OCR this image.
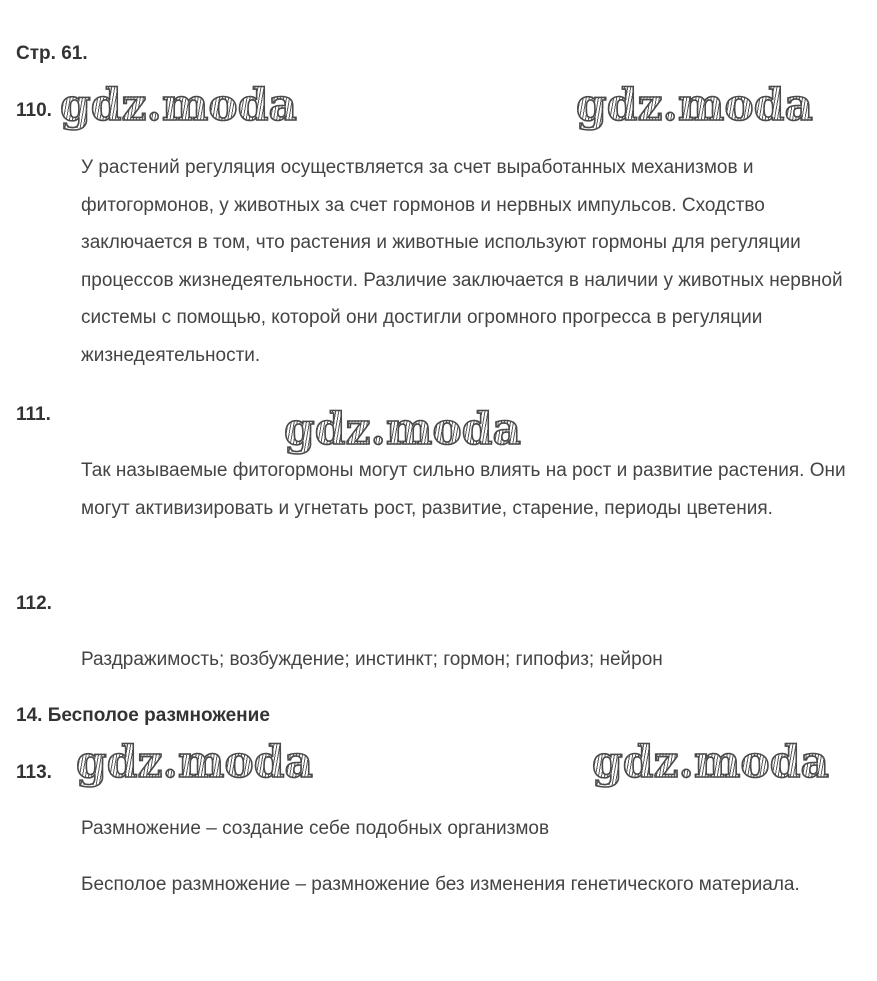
Стр. 61.
110. gdz.moda	gdz.moda
У растений регуляция осуществляется за счет выработанных механизмов и фитогормонов, у животных за счет гормонов и нервных импульсов. Сходство заключается в том, что растения и животные используют гормоны для регуляции процессов жизнедеятельности. Различие заключается в наличии у животных нервной системы с помощью, которой они достигли огромного прогресса в регуляции жизнедеятельности.
111.	gdz.moda
Так называемые фитогормоны могут сильно влиять на рост и развитие растения. Они могут активизировать и угнетать рост, развитие, старение, периоды цветения.
112.
Раздражимость; возбуждение; инстинкт; гормон; гипофиз; нейрон
14. Бесполое размножение
113. gdz.moda	gdz.moda
Размножение – создание себе подобных организмов
Бесполое размножение – размножение без изменения генетического материала.
